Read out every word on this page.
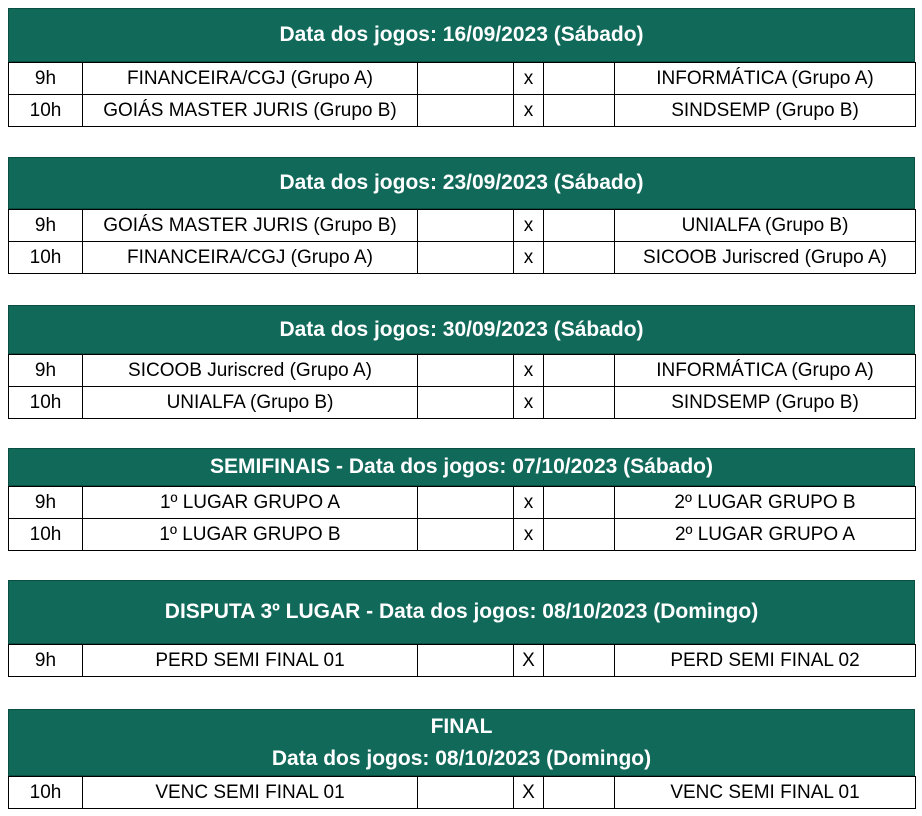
Data dos jogos: 16/09/2023 (Sábado)
9h	FINANCEIRA/CGJ (Grupo A)		x		INFORMÁTICA (Grupo A)
10h	GOIÁS MASTER JURIS (Grupo B)		x		SINDSEMP (Grupo B)
Data dos jogos: 23/09/2023 (Sábado)
9h	GOIÁS MASTER JURIS (Grupo B)		x		UNIALFA (Grupo B)
10h	FINANCEIRA/CGJ (Grupo A)		x		SICOOB Juriscred (Grupo A)
Data dos jogos: 30/09/2023 (Sábado)
9h	SICOOB Juriscred (Grupo A)		x		INFORMÁTICA (Grupo A)
10h	UNIALFA (Grupo B)		x		SINDSEMP (Grupo B)
SEMIFINAIS - Data dos jogos: 07/10/2023 (Sábado)
9h	1º LUGAR GRUPO A		x		2º LUGAR GRUPO B
10h	1º LUGAR GRUPO B		x		2º LUGAR GRUPO A
DISPUTA 3º LUGAR - Data dos jogos: 08/10/2023 (Domingo)
9h	PERD SEMI FINAL 01		X		PERD SEMI FINAL 02
FINAL
Data dos jogos: 08/10/2023 (Domingo)
10h	VENC SEMI FINAL 01		X		VENC SEMI FINAL 01
